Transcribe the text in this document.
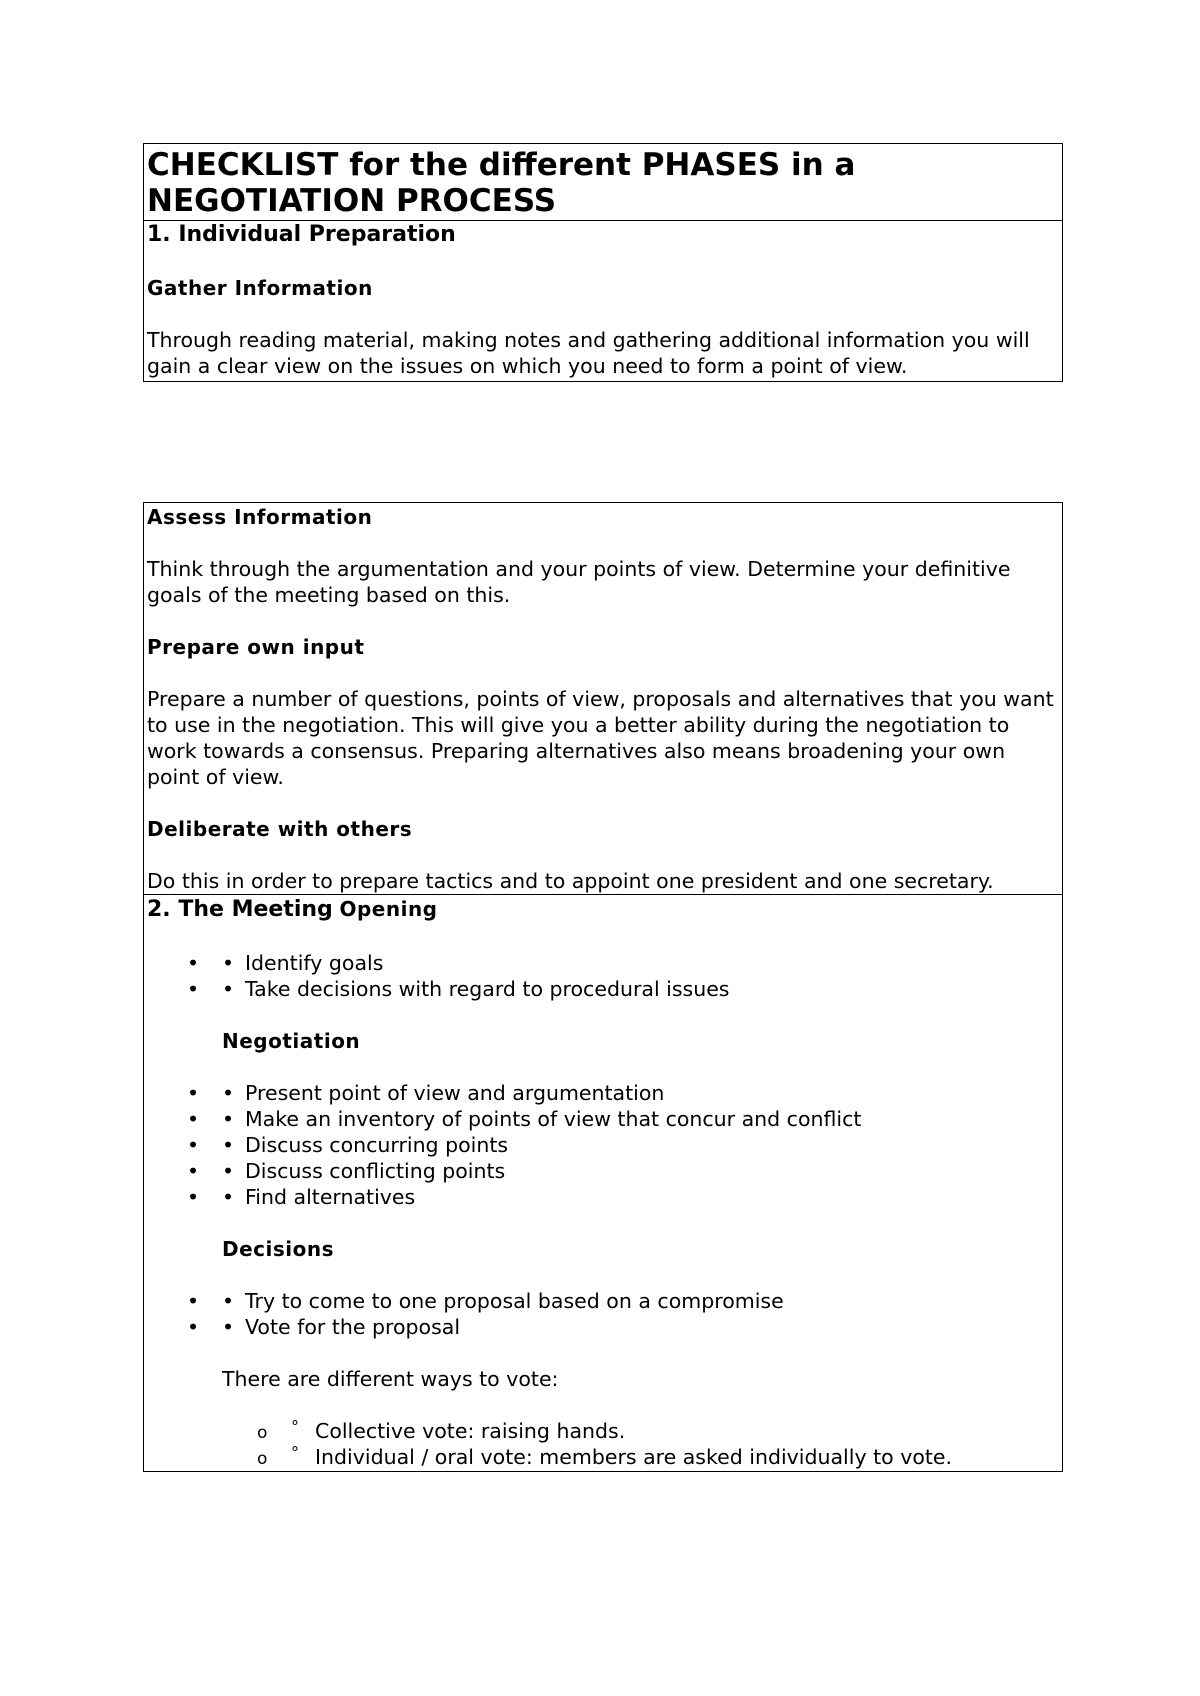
CHECKLIST for the different PHASES in a NEGOTIATION PROCESS

1. Individual Preparation

Gather Information

Through reading material, making notes and gathering additional information you will gain a clear view on the issues on which you need to form a point of view.

Assess Information

Think through the argumentation and your points of view. Determine your definitive goals of the meeting based on this.

Prepare own input

Prepare a number of questions, points of view, proposals and alternatives that you want to use in the negotiation. This will give you a better ability during the negotiation to work towards a consensus. Preparing alternatives also means broadening your own point of view.

Deliberate with others

Do this in order to prepare tactics and to appoint one president and one secretary.

2. The Meeting Opening

• • Identify goals
• • Take decisions with regard to procedural issues

Negotiation

• • Present point of view and argumentation
• • Make an inventory of points of view that concur and conflict
• • Discuss concurring points
• • Discuss conflicting points
• • Find alternatives

Decisions

• • Try to come to one proposal based on a compromise
• • Vote for the proposal

There are different ways to vote:

o ° Collective vote: raising hands.
o ° Individual / oral vote: members are asked individually to vote.
